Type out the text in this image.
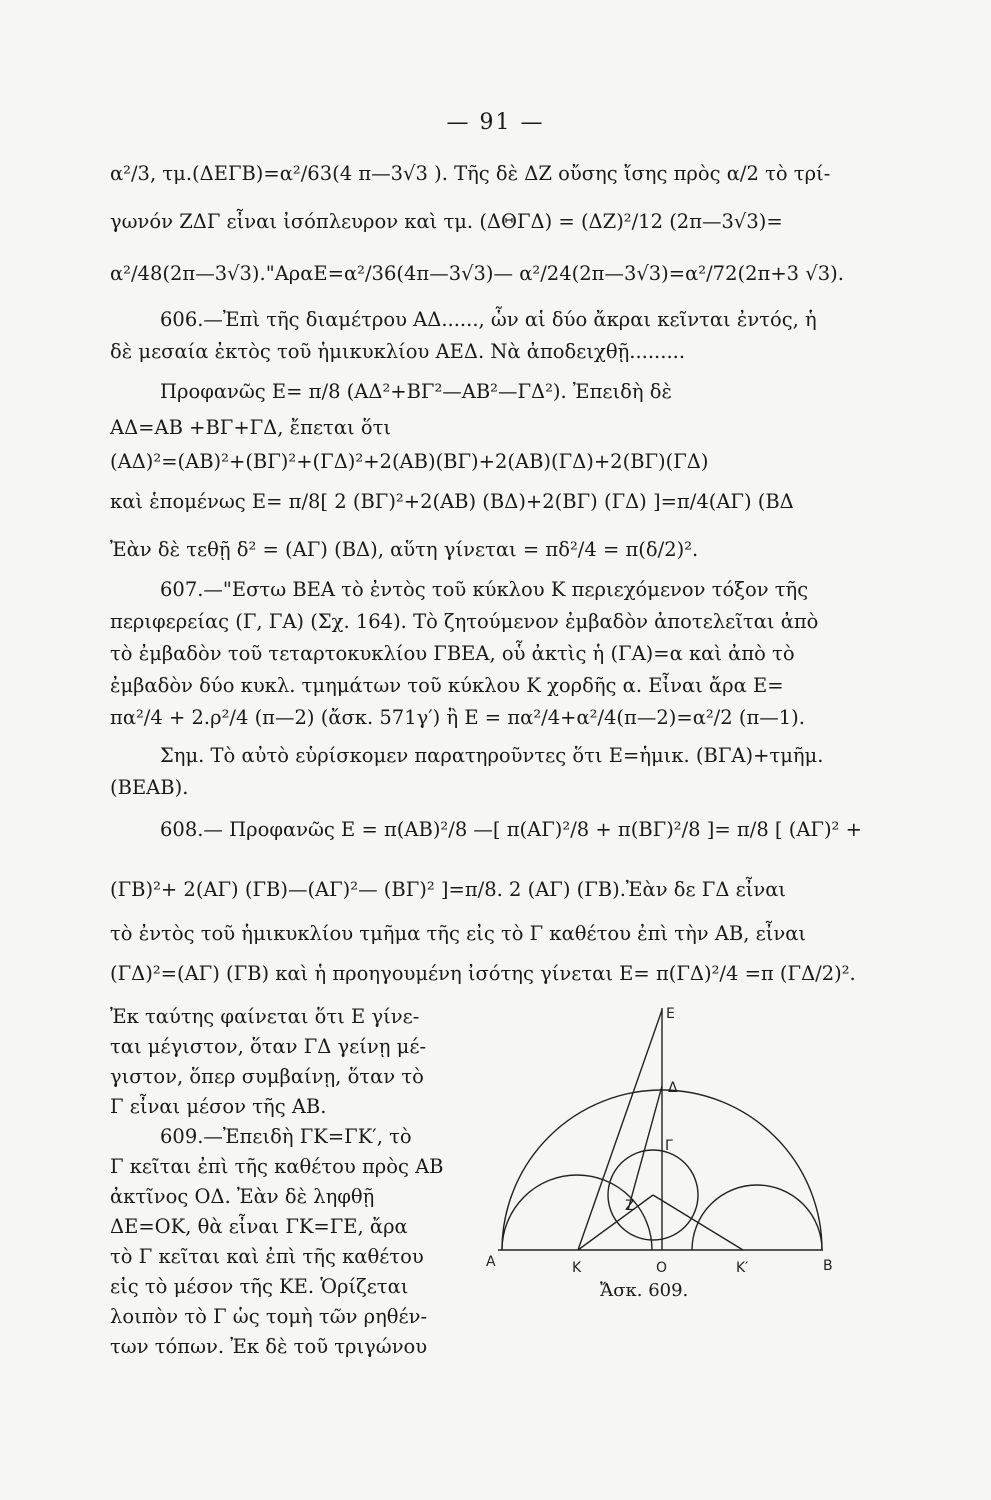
— 91 —
α²/3, τμ.(ΔΕΓΒ)=α²/63(4 π—3√3 ). Τῆς δὲ ΔΖ οὔσης ἴσης πρὸς α/2 τὸ τρί-
γωνόν ΖΔΓ εἶναι ἰσόπλευρον καὶ τμ. (ΔΘΓΔ) = (ΔΖ)²/12 (2π—3√3)=
α²/48(2π—3√3)."ΑραΕ=α²/36(4π—3√3)— α²/24(2π—3√3)=α²/72(2π+3 √3).
606.—Ἐπὶ τῆς διαμέτρου ΑΔ......, ὧν αἱ δύο ἄκραι κεῖνται ἐντός, ἡ
δὲ μεσαία ἐκτὸς τοῦ ἡμικυκλίου ΑΕΔ. Νὰ ἀποδειχθῇ.........
Προφανῶς Ε= π/8 (ΑΔ²+ΒΓ²—ΑΒ²—ΓΔ²). Ἐπειδὴ δὲ
ΑΔ=ΑΒ +ΒΓ+ΓΔ, ἔπεται ὅτι
(ΑΔ)²=(ΑΒ)²+(ΒΓ)²+(ΓΔ)²+2(ΑΒ)(ΒΓ)+2(ΑΒ)(ΓΔ)+2(ΒΓ)(ΓΔ)
καὶ ἑπομένως Ε= π/8[ 2 (ΒΓ)²+2(ΑΒ) (ΒΔ)+2(ΒΓ) (ΓΔ) ]=π/4(ΑΓ) (ΒΔ
Ἐὰν δὲ τεθῇ δ² = (ΑΓ) (ΒΔ), αὕτη γίνεται = πδ²/4 = π(δ/2)².
607.—"Εστω ΒΕΑ τὸ ἐντὸς τοῦ κύκλου Κ περιεχόμενον τόξον τῆς
περιφερείας (Γ, ΓΑ) (Σχ. 164). Τὸ ζητούμενον ἐμβαδὸν ἀποτελεῖται ἀπὸ
τὸ ἐμβαδὸν τοῦ τεταρτοκυκλίου ΓΒΕΑ, οὗ ἀκτὶς ἡ (ΓΑ)=α καὶ ἀπὸ τὸ
ἐμβαδὸν δύο κυκλ. τμημάτων τοῦ κύκλου Κ χορδῆς α. Εἶναι ἄρα Ε=
πα²/4 + 2.ρ²/4 (π—2) (ἄσκ. 571γ′) ἢ Ε = πα²/4+α²/4(π—2)=α²/2 (π—1).
Σημ. Τὸ αὐτὸ εὑρίσκομεν παρατηροῦντες ὅτι Ε=ἡμικ. (ΒΓΑ)+τμῆμ.
(ΒΕΑΒ).
608.— Προφανῶς Ε = π(ΑΒ)²/8 —[ π(ΑΓ)²/8 + π(ΒΓ)²/8 ]= π/8 [ (ΑΓ)² +
(ΓΒ)²+ 2(ΑΓ) (ΓΒ)—(ΑΓ)²— (ΒΓ)² ]=π/8. 2 (ΑΓ) (ΓΒ).Ἐὰν δε ΓΔ εἶναι
τὸ ἐντὸς τοῦ ἡμικυκλίου τμῆμα τῆς εἰς τὸ Γ καθέτου ἐπὶ τὴν ΑΒ, εἶναι
(ΓΔ)²=(ΑΓ) (ΓΒ) καὶ ἡ προηγουμένη ἰσότης γίνεται Ε= π(ΓΔ)²/4 =π (ΓΔ/2)².
Ἐκ ταύτης φαίνεται ὅτι Ε γίνε-
ται μέγιστον, ὅταν ΓΔ γείνῃ μέ-
γιστον, ὅπερ συμβαίνῃ, ὅταν τὸ
Γ εἶναι μέσον τῆς ΑΒ.
609.—Ἐπειδὴ ΓΚ=ΓΚ′, τὸ
Γ κεῖται ἐπὶ τῆς καθέτου πρὸς ΑΒ
ἀκτῖνος ΟΔ. Ἐὰν δὲ ληφθῇ
ΔΕ=ΟΚ, θὰ εἶναι ΓΚ=ΓΕ, ἄρα
τὸ Γ κεῖται καὶ ἐπὶ τῆς καθέτου
εἰς τὸ μέσον τῆς ΚΕ. Ὁρίζεται
λοιπὸν τὸ Γ ὡς τομὴ τῶν ρηθέν-
των τόπων. Ἐκ δὲ τοῦ τριγώνου
E
Δ
Γ
Z
A	K	O	K′	B
Ἄσκ. 609.
